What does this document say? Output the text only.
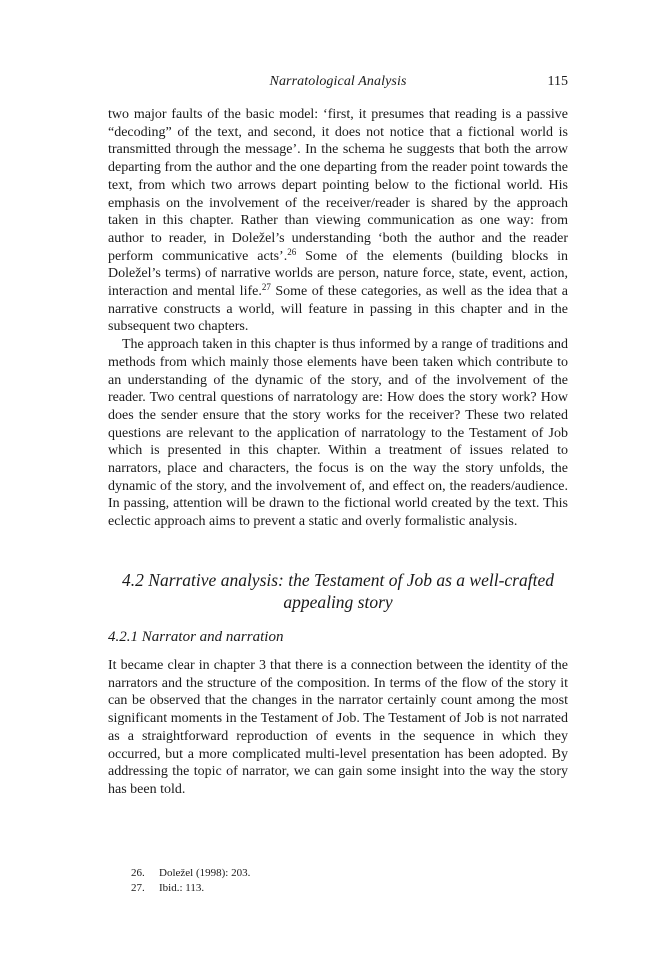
Narratological Analysis	115

two major faults of the basic model: ‘first, it presumes that reading is a passive “decoding” of the text, and second, it does not notice that a fictional world is transmitted through the message’. In the schema he suggests that both the arrow departing from the author and the one departing from the reader point towards the text, from which two arrows depart pointing below to the fictional world. His emphasis on the involvement of the receiver/reader is shared by the approach taken in this chapter. Rather than viewing communication as one way: from author to reader, in Doležel’s understanding ‘both the author and the reader perform communicative acts’.$^{26}$ Some of the elements (building blocks in Doležel’s terms) of narrative worlds are person, nature force, state, event, action, interaction and mental life.$^{27}$ Some of these categories, as well as the idea that a narrative constructs a world, will feature in passing in this chapter and in the subsequent two chapters.

The approach taken in this chapter is thus informed by a range of traditions and methods from which mainly those elements have been taken which contribute to an understanding of the dynamic of the story, and of the involvement of the reader. Two central questions of narratology are: How does the story work? How does the sender ensure that the story works for the receiver? These two related questions are relevant to the application of narratology to the Testament of Job which is presented in this chapter. Within a treatment of issues related to narrators, place and characters, the focus is on the way the story unfolds, the dynamic of the story, and the involvement of, and effect on, the readers/audience. In passing, attention will be drawn to the fictional world created by the text. This eclectic approach aims to prevent a static and overly formalistic analysis.

4.2 Narrative analysis: the Testament of Job as a well-crafted
appealing story
4.2.1 Narrator and narration

It became clear in chapter 3 that there is a connection between the identity of the narrators and the structure of the composition. In terms of the flow of the story it can be observed that the changes in the narrator certainly count among the most significant moments in the Testament of Job. The Testament of Job is not narrated as a straightforward reproduction of events in the sequence in which they occurred, but a more complicated multi-level presentation has been adopted. By addressing the topic of narrator, we can gain some insight into the way the story has been told.

26.	Doležel (1998): 203.
27.	Ibid.: 113.
